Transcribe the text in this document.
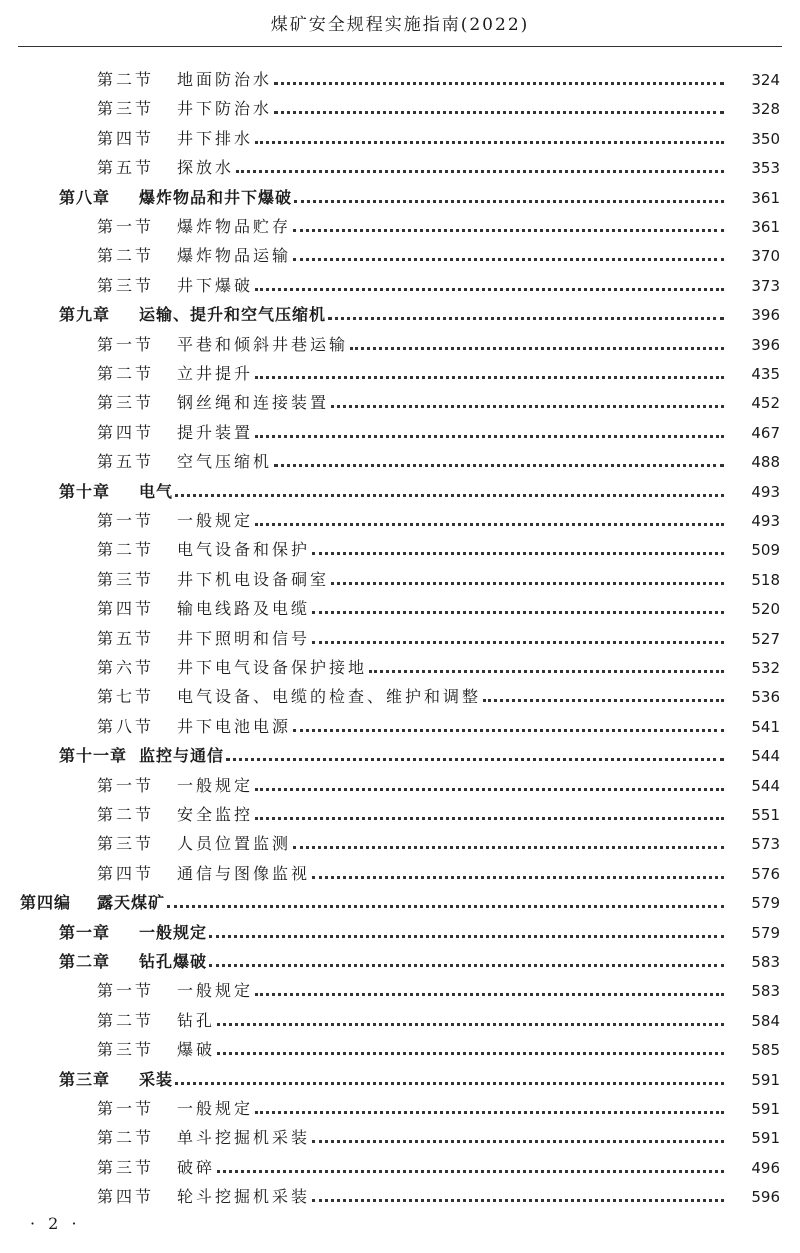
煤矿安全规程实施指南(2022)
第二节	地面防治水	324
第三节	井下防治水	328
第四节	井下排水	350
第五节	探放水	353
第八章	爆炸物品和井下爆破	361
第一节	爆炸物品贮存	361
第二节	爆炸物品运输	370
第三节	井下爆破	373
第九章	运输、提升和空气压缩机	396
第一节	平巷和倾斜井巷运输	396
第二节	立井提升	435
第三节	钢丝绳和连接装置	452
第四节	提升装置	467
第五节	空气压缩机	488
第十章	电气	493
第一节	一般规定	493
第二节	电气设备和保护	509
第三节	井下机电设备硐室	518
第四节	输电线路及电缆	520
第五节	井下照明和信号	527
第六节	井下电气设备保护接地	532
第七节	电气设备、电缆的检查、维护和调整	536
第八节	井下电池电源	541
第十一章 监控与通信	544
第一节	一般规定	544
第二节	安全监控	551
第三节	人员位置监测	573
第四节	通信与图像监视	576
第四编	露天煤矿	579
第一章	一般规定	579
第二章	钻孔爆破	583
第一节	一般规定	583
第二节	钻孔	584
第三节	爆破	585
第三章	采装	591
第一节	一般规定	591
第二节	单斗挖掘机采装	591
第三节	破碎	496
第四节	轮斗挖掘机采装	596
· 2 ·
